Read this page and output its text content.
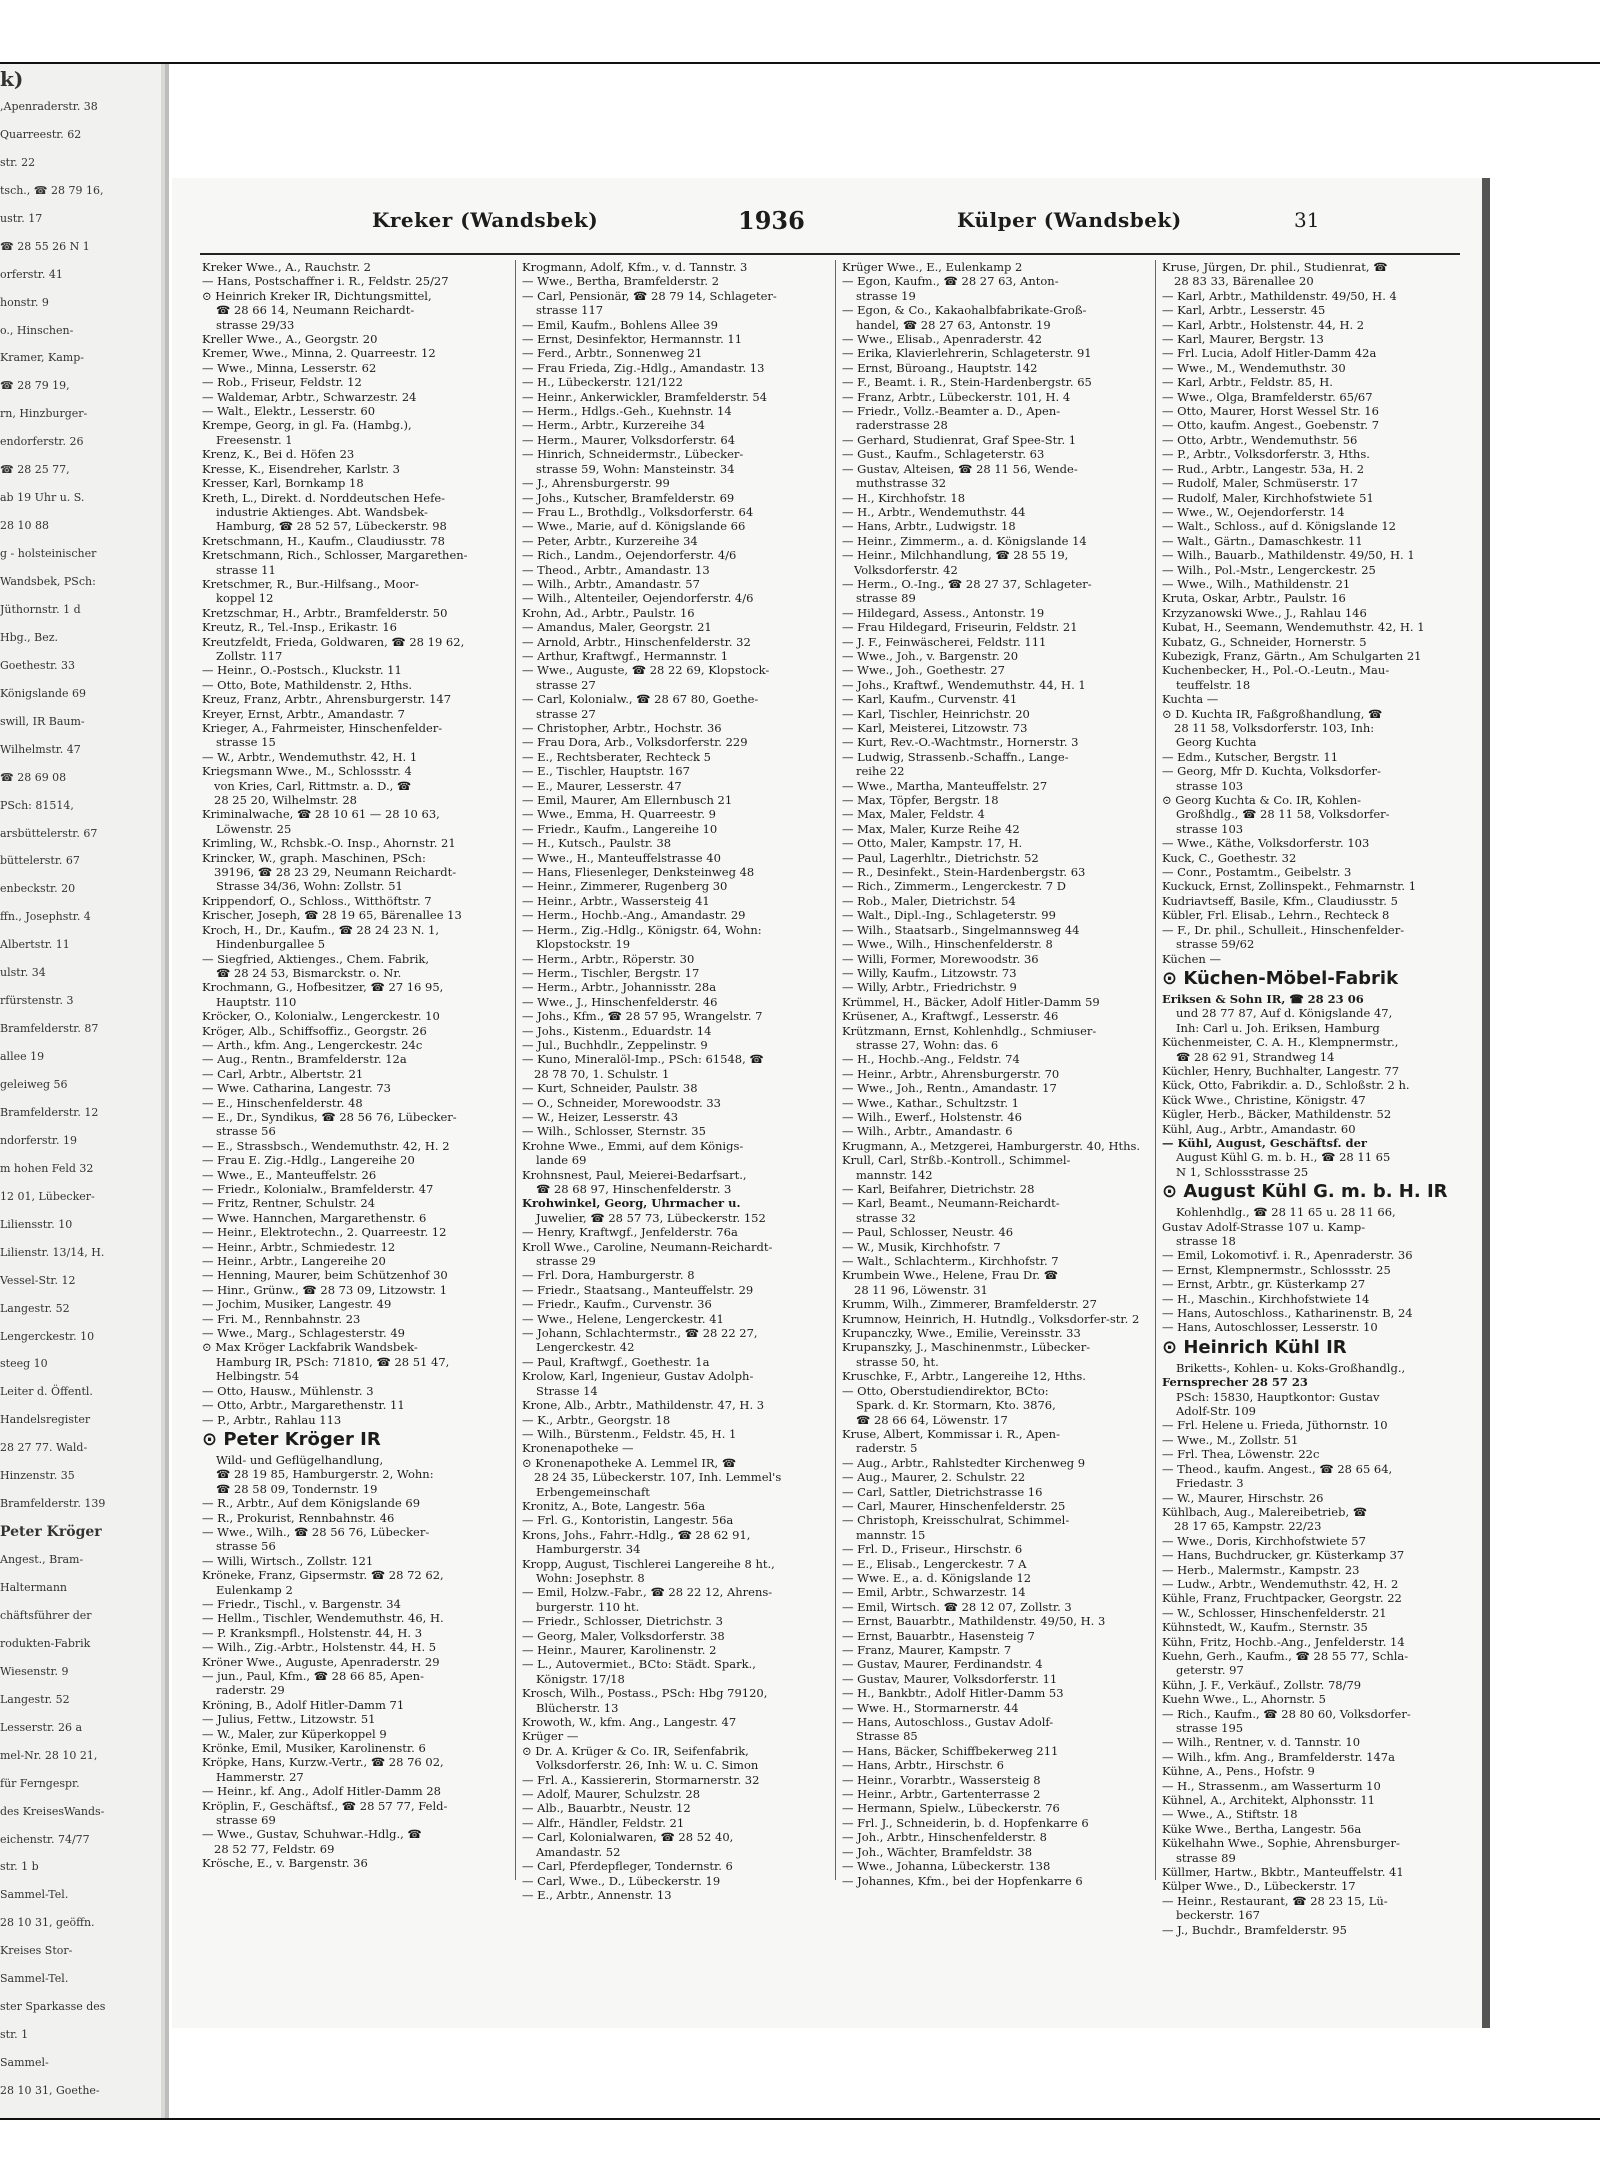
k)
,Apenraderstr. 38
Quarreestr. 62
str. 22
tsch., ☎ 28 79 16,
ustr. 17
☎ 28 55 26 N 1
orferstr. 41
honstr. 9
o., Hinschen-
Kramer, Kamp-
☎ 28 79 19,
rn, Hinzburger-
endorferstr. 26
☎ 28 25 77,
ab 19 Uhr u. S.
28 10 88
g - holsteinischer
Wandsbek, PSch:
Jüthornstr. 1 d
Hbg., Bez.
Goethestr. 33
Königslande 69
swill, IR Baum-
Wilhelmstr. 47
☎ 28 69 08
PSch: 81514,
arsbüttelerstr. 67
büttelerstr. 67
enbeckstr. 20
ffn., Josephstr. 4
Albertstr. 11
ulstr. 34
rfürstenstr. 3
Bramfelderstr. 87
allee 19
geleiweg 56
Bramfelderstr. 12
ndorferstr. 19
m hohen Feld 32
12 01, Lübecker-
Liliensstr. 10
Lilienstr. 13/14, H.
Vessel-Str. 12
Langestr. 52
Lengerckestr. 10
steeg 10
Leiter d. Öffentl.
Handelsregister
28 27 77. Wald-
Hinzenstr. 35
Bramfelderstr. 139
Peter Kröger
Angest., Bram-
Haltermann
chäftsführer der
rodukten-Fabrik
Wiesenstr. 9
Langestr. 52
Lesserstr. 26 a
mel-Nr. 28 10 21,
für Ferngespr.
des KreisesWands-
eichenstr. 74/77
str. 1 b
Sammel-Tel.
28 10 31, geöffn.
Kreises Stor-
Sammel-Tel.
ster Sparkasse des
str. 1
Sammel-
28 10 31, Goethe-
Kreker (Wandsbek)	1936	Külper (Wandsbek)	31
Kreker Wwe., A., Rauchstr. 2
— Hans, Postschaffner i. R., Feldstr. 25/27
⊙ Heinrich Kreker IR, Dichtungsmittel,
☎ 28 66 14, Neumann Reichardt-
strasse 29/33
Kreller Wwe., A., Georgstr. 20
Kremer, Wwe., Minna, 2. Quarreestr. 12
— Wwe., Minna, Lesserstr. 62
— Rob., Friseur, Feldstr. 12
— Waldemar, Arbtr., Schwarzestr. 24
— Walt., Elektr., Lesserstr. 60
Krempe, Georg, in gl. Fa. (Hambg.),
Freesenstr. 1
Krenz, K., Bei d. Höfen 23
Kresse, K., Eisendreher, Karlstr. 3
Kresser, Karl, Bornkamp 18
Kreth, L., Direkt. d. Norddeutschen Hefe-
industrie Aktienges. Abt. Wandsbek-
Hamburg, ☎ 28 52 57, Lübeckerstr. 98
Kretschmann, H., Kaufm., Claudiusstr. 78
Kretschmann, Rich., Schlosser, Margarethen-
strasse 11
Kretschmer, R., Bur.-Hilfsang., Moor-
koppel 12
Kretzschmar, H., Arbtr., Bramfelderstr. 50
Kreutz, R., Tel.-Insp., Erikastr. 16
Kreutzfeldt, Frieda, Goldwaren, ☎ 28 19 62,
Zollstr. 117
— Heinr., O.-Postsch., Kluckstr. 11
— Otto, Bote, Mathildenstr. 2, Hths.
Kreuz, Franz, Arbtr., Ahrensburgerstr. 147
Kreyer, Ernst, Arbtr., Amandastr. 7
Krieger, A., Fahrmeister, Hinschenfelder-
strasse 15
— W., Arbtr., Wendemuthstr. 42, H. 1
Kriegsmann Wwe., M., Schlossstr. 4
von Kries, Carl, Rittmstr. a. D., ☎
28 25 20, Wilhelmstr. 28
Kriminalwache, ☎ 28 10 61 — 28 10 63,
Löwenstr. 25
Krimling, W., Rchsbk.-O. Insp., Ahornstr. 21
Krincker, W., graph. Maschinen, PSch:
39196, ☎ 28 23 29, Neumann Reichardt-
Strasse 34/36, Wohn: Zollstr. 51
Krippendorf, O., Schloss., Witthöftstr. 7
Krischer, Joseph, ☎ 28 19 65, Bärenallee 13
Kroch, H., Dr., Kaufm., ☎ 28 24 23 N. 1,
Hindenburgallee 5
— Siegfried, Aktienges., Chem. Fabrik,
☎ 28 24 53, Bismarckstr. o. Nr.
Krochmann, G., Hofbesitzer, ☎ 27 16 95,
Hauptstr. 110
Kröcker, O., Kolonialw., Lengerckestr. 10
Kröger, Alb., Schiffsoffiz., Georgstr. 26
— Arth., kfm. Ang., Lengerckestr. 24c
— Aug., Rentn., Bramfelderstr. 12a
— Carl, Arbtr., Albertstr. 21
— Wwe. Catharina, Langestr. 73
— E., Hinschenfelderstr. 48
— E., Dr., Syndikus, ☎ 28 56 76, Lübecker-
strasse 56
— E., Strassbsch., Wendemuthstr. 42, H. 2
— Frau E. Zig.-Hdlg., Langereihe 20
— Wwe., E., Manteuffelstr. 26
— Friedr., Kolonialw., Bramfelderstr. 47
— Fritz, Rentner, Schulstr. 24
— Wwe. Hannchen, Margarethenstr. 6
— Heinr., Elektrotechn., 2. Quarreestr. 12
— Heinr., Arbtr., Schmiedestr. 12
— Heinr., Arbtr., Langereihe 20
— Henning, Maurer, beim Schützenhof 30
— Hinr., Grünw., ☎ 28 73 09, Litzowstr. 1
— Jochim, Musiker, Langestr. 49
— Fri. M., Rennbahnstr. 23
— Wwe., Marg., Schlagesterstr. 49
⊙ Max Kröger Lackfabrik Wandsbek-
Hamburg IR, PSch: 71810, ☎ 28 51 47,
Helbingstr. 54
— Otto, Hausw., Mühlenstr. 3
— Otto, Arbtr., Margarethenstr. 11
— P., Arbtr., Rahlau 113
⊙ Peter Kröger IR
Wild- und Geflügelhandlung,
☎ 28 19 85, Hamburgerstr. 2, Wohn:
☎ 28 58 09, Tondernstr. 19
— R., Arbtr., Auf dem Königslande 69
— R., Prokurist, Rennbahnstr. 46
— Wwe., Wilh., ☎ 28 56 76, Lübecker-
strasse 56
— Willi, Wirtsch., Zollstr. 121
Kröneke, Franz, Gipsermstr. ☎ 28 72 62,
Eulenkamp 2
— Friedr., Tischl., v. Bargenstr. 34
— Hellm., Tischler, Wendemuthstr. 46, H.
— P. Kranksmpfl., Holstenstr. 44, H. 3
— Wilh., Zig.-Arbtr., Holstenstr. 44, H. 5
Kröner Wwe., Auguste, Apenraderstr. 29
— jun., Paul, Kfm., ☎ 28 66 85, Apen-
raderstr. 29
Kröning, B., Adolf Hitler-Damm 71
— Julius, Fettw., Litzowstr. 51
— W., Maler, zur Küperkoppel 9
Krönke, Emil, Musiker, Karolinenstr. 6
Kröpke, Hans, Kurzw.-Vertr., ☎ 28 76 02,
Hammerstr. 27
— Heinr., kf. Ang., Adolf Hitler-Damm 28
Kröplin, F., Geschäftsf., ☎ 28 57 77, Feld-
strasse 69
— Wwe., Gustav, Schuhwar.-Hdlg., ☎
28 52 77, Feldstr. 69
Krösche, E., v. Bargenstr. 36
Krogmann, Adolf, Kfm., v. d. Tannstr. 3
— Wwe., Bertha, Bramfelderstr. 2
— Carl, Pensionär, ☎ 28 79 14, Schlageter-
strasse 117
— Emil, Kaufm., Bohlens Allee 39
— Ernst, Desinfektor, Hermannstr. 11
— Ferd., Arbtr., Sonnenweg 21
— Frau Frieda, Zig.-Hdlg., Amandastr. 13
— H., Lübeckerstr. 121/122
— Heinr., Ankerwickler, Bramfelderstr. 54
— Herm., Hdlgs.-Geh., Kuehnstr. 14
— Herm., Arbtr., Kurzereihe 34
— Herm., Maurer, Volksdorferstr. 64
— Hinrich, Schneidermstr., Lübecker-
strasse 59, Wohn: Mansteinstr. 34
— J., Ahrensburgerstr. 99
— Johs., Kutscher, Bramfelderstr. 69
— Frau L., Brothdlg., Volksdorferstr. 64
— Wwe., Marie, auf d. Königslande 66
— Peter, Arbtr., Kurzereihe 34
— Rich., Landm., Oejendorferstr. 4/6
— Theod., Arbtr., Amandastr. 13
— Wilh., Arbtr., Amandastr. 57
— Wilh., Altenteiler, Oejendorferstr. 4/6
Krohn, Ad., Arbtr., Paulstr. 16
— Amandus, Maler, Georgstr. 21
— Arnold, Arbtr., Hinschenfelderstr. 32
— Arthur, Kraftwgf., Hermannstr. 1
— Wwe., Auguste, ☎ 28 22 69, Klopstock-
strasse 27
— Carl, Kolonialw., ☎ 28 67 80, Goethe-
strasse 27
— Christopher, Arbtr., Hochstr. 36
— Frau Dora, Arb., Volksdorferstr. 229
— E., Rechtsberater, Rechteck 5
— E., Tischler, Hauptstr. 167
— E., Maurer, Lesserstr. 47
— Emil, Maurer, Am Ellernbusch 21
— Wwe., Emma, H. Quarreestr. 9
— Friedr., Kaufm., Langereihe 10
— H., Kutsch., Paulstr. 38
— Wwe., H., Manteuffelstrasse 40
— Hans, Fliesenleger, Denksteinweg 48
— Heinr., Zimmerer, Rugenberg 30
— Heinr., Arbtr., Wassersteig 41
— Herm., Hochb.-Ang., Amandastr. 29
— Herm., Zig.-Hdlg., Königstr. 64, Wohn:
Klopstockstr. 19
— Herm., Arbtr., Röperstr. 30
— Herm., Tischler, Bergstr. 17
— Herm., Arbtr., Johannisstr. 28a
— Wwe., J., Hinschenfelderstr. 46
— Johs., Kfm., ☎ 28 57 95, Wrangelstr. 7
— Johs., Kistenm., Eduardstr. 14
— Jul., Buchhdlr., Zeppelinstr. 9
— Kuno, Mineralöl-Imp., PSch: 61548, ☎
28 78 70, 1. Schulstr. 1
— Kurt, Schneider, Paulstr. 38
— O., Schneider, Morewoodstr. 33
— W., Heizer, Lesserstr. 43
— Wilh., Schlosser, Sternstr. 35
Krohne Wwe., Emmi, auf dem Königs-
lande 69
Krohnsnest, Paul, Meierei-Bedarfsart.,
☎ 28 68 97, Hinschenfelderstr. 3
Krohwinkel, Georg, Uhrmacher u.
Juwelier, ☎ 28 57 73, Lübeckerstr. 152
— Henry, Kraftwgf., Jenfelderstr. 76a
Kroll Wwe., Caroline, Neumann-Reichardt-
strasse 29
— Frl. Dora, Hamburgerstr. 8
— Friedr., Staatsang., Manteuffelstr. 29
— Friedr., Kaufm., Curvenstr. 36
— Wwe., Helene, Lengerckestr. 41
— Johann, Schlachtermstr., ☎ 28 22 27,
Lengerckestr. 42
— Paul, Kraftwgf., Goethestr. 1a
Krolow, Karl, Ingenieur, Gustav Adolph-
Strasse 14
Krone, Alb., Arbtr., Mathildenstr. 47, H. 3
— K., Arbtr., Georgstr. 18
— Wilh., Bürstenm., Feldstr. 45, H. 1
Kronenapotheke —
⊙ Kronenapotheke A. Lemmel IR, ☎
28 24 35, Lübeckerstr. 107, Inh. Lemmel's
Erbengemeinschaft
Kronitz, A., Bote, Langestr. 56a
— Frl. G., Kontoristin, Langestr. 56a
Krons, Johs., Fahrr.-Hdlg., ☎ 28 62 91,
Hamburgerstr. 34
Kropp, August, Tischlerei Langereihe 8 ht.,
Wohn: Josephstr. 8
— Emil, Holzw.-Fabr., ☎ 28 22 12, Ahrens-
burgerstr. 110 ht.
— Friedr., Schlosser, Dietrichstr. 3
— Georg, Maler, Volksdorferstr. 38
— Heinr., Maurer, Karolinenstr. 2
— L., Autovermiet., BCto: Städt. Spark.,
Königstr. 17/18
Krosch, Wilh., Postass., PSch: Hbg 79120,
Blücherstr. 13
Krowoth, W., kfm. Ang., Langestr. 47
Krüger —
⊙ Dr. A. Krüger & Co. IR, Seifenfabrik,
Volksdorferstr. 26, Inh: W. u. C. Simon
— Frl. A., Kassiererin, Stormarnerstr. 32
— Adolf, Maurer, Schulzstr. 28
— Alb., Bauarbtr., Neustr. 12
— Alfr., Händler, Feldstr. 21
— Carl, Kolonialwaren, ☎ 28 52 40,
Amandastr. 52
— Carl, Pferdepfleger, Tondernstr. 6
— Carl, Wwe., D., Lübeckerstr. 19
— E., Arbtr., Annenstr. 13
Krüger Wwe., E., Eulenkamp 2
— Egon, Kaufm., ☎ 28 27 63, Anton-
strasse 19
— Egon, & Co., Kakaohalbfabrikate-Groß-
handel, ☎ 28 27 63, Antonstr. 19
— Wwe., Elisab., Apenraderstr. 42
— Erika, Klavierlehrerin, Schlageterstr. 91
— Ernst, Büroang., Hauptstr. 142
— F., Beamt. i. R., Stein-Hardenbergstr. 65
— Franz, Arbtr., Lübeckerstr. 101, H. 4
— Friedr., Vollz.-Beamter a. D., Apen-
raderstrasse 28
— Gerhard, Studienrat, Graf Spee-Str. 1
— Gust., Kaufm., Schlageterstr. 63
— Gustav, Alteisen, ☎ 28 11 56, Wende-
muthstrasse 32
— H., Kirchhofstr. 18
— H., Arbtr., Wendemuthstr. 44
— Hans, Arbtr., Ludwigstr. 18
— Heinr., Zimmerm., a. d. Königslande 14
— Heinr., Milchhandlung, ☎ 28 55 19,
Volksdorferstr. 42
— Herm., O.-Ing., ☎ 28 27 37, Schlageter-
strasse 89
— Hildegard, Assess., Antonstr. 19
— Frau Hildegard, Friseurin, Feldstr. 21
— J. F., Feinwäscherei, Feldstr. 111
— Wwe., Joh., v. Bargenstr. 20
— Wwe., Joh., Goethestr. 27
— Johs., Kraftwf., Wendemuthstr. 44, H. 1
— Karl, Kaufm., Curvenstr. 41
— Karl, Tischler, Heinrichstr. 20
— Karl, Meisterei, Litzowstr. 73
— Kurt, Rev.-O.-Wachtmstr., Hornerstr. 3
— Ludwig, Strassenb.-Schaffn., Lange-
reihe 22
— Wwe., Martha, Manteuffelstr. 27
— Max, Töpfer, Bergstr. 18
— Max, Maler, Feldstr. 4
— Max, Maler, Kurze Reihe 42
— Otto, Maler, Kampstr. 17, H.
— Paul, Lagerhltr., Dietrichstr. 52
— R., Desinfekt., Stein-Hardenbergstr. 63
— Rich., Zimmerm., Lengerckestr. 7 D
— Rob., Maler, Dietrichstr. 54
— Walt., Dipl.-Ing., Schlageterstr. 99
— Wilh., Staatsarb., Singelmannsweg 44
— Wwe., Wilh., Hinschenfelderstr. 8
— Willi, Former, Morewoodstr. 36
— Willy, Kaufm., Litzowstr. 73
— Willy, Arbtr., Friedrichstr. 9
Krümmel, H., Bäcker, Adolf Hitler-Damm 59
Krüsener, A., Kraftwgf., Lesserstr. 46
Krützmann, Ernst, Kohlenhdlg., Schmiuser-
strasse 27, Wohn: das. 6
— H., Hochb.-Ang., Feldstr. 74
— Heinr., Arbtr., Ahrensburgerstr. 70
— Wwe., Joh., Rentn., Amandastr. 17
— Wwe., Kathar., Schultzstr. 1
— Wilh., Ewerf., Holstenstr. 46
— Wilh., Arbtr., Amandastr. 6
Krugmann, A., Metzgerei, Hamburgerstr. 40, Hths.
Krull, Carl, Strßb.-Kontroll., Schimmel-
mannstr. 142
— Karl, Beifahrer, Dietrichstr. 28
— Karl, Beamt., Neumann-Reichardt-
strasse 32
— Paul, Schlosser, Neustr. 46
— W., Musik, Kirchhofstr. 7
— Walt., Schlachterm., Kirchhofstr. 7
Krumbein Wwe., Helene, Frau Dr. ☎
28 11 96, Löwenstr. 31
Krumm, Wilh., Zimmerer, Bramfelderstr. 27
Krumnow, Heinrich, H. Hutndlg., Volksdorfer-str. 2
Krupanczky, Wwe., Emilie, Vereinsstr. 33
Krupanszky, J., Maschinenmstr., Lübecker-
strasse 50, ht.
Kruschke, F., Arbtr., Langereihe 12, Hths.
— Otto, Oberstudiendirektor, BCto:
Spark. d. Kr. Stormarn, Kto. 3876,
☎ 28 66 64, Löwenstr. 17
Kruse, Albert, Kommissar i. R., Apen-
raderstr. 5
— Aug., Arbtr., Rahlstedter Kirchenweg 9
— Aug., Maurer, 2. Schulstr. 22
— Carl, Sattler, Dietrichstrasse 16
— Carl, Maurer, Hinschenfelderstr. 25
— Christoph, Kreisschulrat, Schimmel-
mannstr. 15
— Frl. D., Friseur., Hirschstr. 6
— E., Elisab., Lengerckestr. 7 A
— Wwe. E., a. d. Königslande 12
— Emil, Arbtr., Schwarzestr. 14
— Emil, Wirtsch. ☎ 28 12 07, Zollstr. 3
— Ernst, Bauarbtr., Mathildenstr. 49/50, H. 3
— Ernst, Bauarbtr., Hasensteig 7
— Franz, Maurer, Kampstr. 7
— Gustav, Maurer, Ferdinandstr. 4
— Gustav, Maurer, Volksdorferstr. 11
— H., Bankbtr., Adolf Hitler-Damm 53
— Wwe. H., Stormarnerstr. 44
— Hans, Autoschloss., Gustav Adolf-
Strasse 85
— Hans, Bäcker, Schiffbekerweg 211
— Hans, Arbtr., Hirschstr. 6
— Heinr., Vorarbtr., Wassersteig 8
— Heinr., Arbtr., Gartenterrasse 2
— Hermann, Spielw., Lübeckerstr. 76
— Frl. J., Schneiderin, b. d. Hopfenkarre 6
— Joh., Arbtr., Hinschenfelderstr. 8
— Joh., Wächter, Bramfeldstr. 38
— Wwe., Johanna, Lübeckerstr. 138
— Johannes, Kfm., bei der Hopfenkarre 6
Kruse, Jürgen, Dr. phil., Studienrat, ☎
28 83 33, Bärenallee 20
— Karl, Arbtr., Mathildenstr. 49/50, H. 4
— Karl, Arbtr., Lesserstr. 45
— Karl, Arbtr., Holstenstr. 44, H. 2
— Karl, Maurer, Bergstr. 13
— Frl. Lucia, Adolf Hitler-Damm 42a
— Wwe., M., Wendemuthstr. 30
— Karl, Arbtr., Feldstr. 85, H.
— Wwe., Olga, Bramfelderstr. 65/67
— Otto, Maurer, Horst Wessel Str. 16
— Otto, kaufm. Angest., Goebenstr. 7
— Otto, Arbtr., Wendemuthstr. 56
— P., Arbtr., Volksdorferstr. 3, Hths.
— Rud., Arbtr., Langestr. 53a, H. 2
— Rudolf, Maler, Schmüserstr. 17
— Rudolf, Maler, Kirchhofstwiete 51
— Wwe., W., Oejendorferstr. 14
— Walt., Schloss., auf d. Königslande 12
— Walt., Gärtn., Damaschkestr. 11
— Wilh., Bauarb., Mathildenstr. 49/50, H. 1
— Wilh., Pol.-Mstr., Lengerckestr. 25
— Wwe., Wilh., Mathildenstr. 21
Kruta, Oskar, Arbtr., Paulstr. 16
Krzyzanowski Wwe., J., Rahlau 146
Kubat, H., Seemann, Wendemuthstr. 42, H. 1
Kubatz, G., Schneider, Hornerstr. 5
Kubezigk, Franz, Gärtn., Am Schulgarten 21
Kuchenbecker, H., Pol.-O.-Leutn., Mau-
teuffelstr. 18
Kuchta —
⊙ D. Kuchta IR, Faßgroßhandlung, ☎
28 11 58, Volksdorferstr. 103, Inh:
Georg Kuchta
— Edm., Kutscher, Bergstr. 11
— Georg, Mfr D. Kuchta, Volksdorfer-
strasse 103
⊙ Georg Kuchta & Co. IR, Kohlen-
Großhdlg., ☎ 28 11 58, Volksdorfer-
strasse 103
— Wwe., Käthe, Volksdorferstr. 103
Kuck, C., Goethestr. 32
— Conr., Postamtm., Geibelstr. 3
Kuckuck, Ernst, Zollinspekt., Fehmarnstr. 1
Kudriavtseff, Basile, Kfm., Claudiusstr. 5
Kübler, Frl. Elisab., Lehrn., Rechteck 8
— F., Dr. phil., Schulleit., Hinschenfelder-
strasse 59/62
Küchen —
⊙ Küchen-Möbel-Fabrik
Eriksen & Sohn IR, ☎ 28 23 06
und 28 77 87, Auf d. Königslande 47,
Inh: Carl u. Joh. Eriksen, Hamburg
Küchenmeister, C. A. H., Klempnermstr.,
☎ 28 62 91, Strandweg 14
Küchler, Henry, Buchhalter, Langestr. 77
Kück, Otto, Fabrikdir. a. D., Schloßstr. 2 h.
Kück Wwe., Christine, Königstr. 47
Kügler, Herb., Bäcker, Mathildenstr. 52
Kühl, Aug., Arbtr., Amandastr. 60
— Kühl, August, Geschäftsf. der
August Kühl G. m. b. H., ☎ 28 11 65
N 1, Schlossstrasse 25
⊙ August Kühl G. m. b. H. IR
Kohlenhdlg., ☎ 28 11 65 u. 28 11 66,
Gustav Adolf-Strasse 107 u. Kamp-
strasse 18
— Emil, Lokomotivf. i. R., Apenraderstr. 36
— Ernst, Klempnermstr., Schlossstr. 25
— Ernst, Arbtr., gr. Küsterkamp 27
— H., Maschin., Kirchhofstwiete 14
— Hans, Autoschloss., Katharinenstr. B, 24
— Hans, Autoschlosser, Lesserstr. 10
⊙ Heinrich Kühl IR
Briketts-, Kohlen- u. Koks-Großhandlg.,
Fernsprecher 28 57 23
PSch: 15830, Hauptkontor: Gustav
Adolf-Str. 109
— Frl. Helene u. Frieda, Jüthornstr. 10
— Wwe., M., Zollstr. 51
— Frl. Thea, Löwenstr. 22c
— Theod., kaufm. Angest., ☎ 28 65 64,
Friedastr. 3
— W., Maurer, Hirschstr. 26
Kühlbach, Aug., Malereibetrieb, ☎
28 17 65, Kampstr. 22/23
— Wwe., Doris, Kirchhofstwiete 57
— Hans, Buchdrucker, gr. Küsterkamp 37
— Herb., Malermstr., Kampstr. 23
— Ludw., Arbtr., Wendemuthstr. 42, H. 2
Kühle, Franz, Fruchtpacker, Georgstr. 22
— W., Schlosser, Hinschenfelderstr. 21
Kühnstedt, W., Kaufm., Sternstr. 35
Kühn, Fritz, Hochb.-Ang., Jenfelderstr. 14
Kuehn, Gerh., Kaufm., ☎ 28 55 77, Schla-
geterstr. 97
Kühn, J. F., Verkäuf., Zollstr. 78/79
Kuehn Wwe., L., Ahornstr. 5
— Rich., Kaufm., ☎ 28 80 60, Volksdorfer-
strasse 195
— Wilh., Rentner, v. d. Tannstr. 10
— Wilh., kfm. Ang., Bramfelderstr. 147a
Kühne, A., Pens., Hofstr. 9
— H., Strassenm., am Wasserturm 10
Kühnel, A., Architekt, Alphonsstr. 11
— Wwe., A., Stiftstr. 18
Küke Wwe., Bertha, Langestr. 56a
Kükelhahn Wwe., Sophie, Ahrensburger-
strasse 89
Küllmer, Hartw., Bkbtr., Manteuffelstr. 41
Külper Wwe., D., Lübeckerstr. 17
— Heinr., Restaurant, ☎ 28 23 15, Lü-
beckerstr. 167
— J., Buchdr., Bramfelderstr. 95
